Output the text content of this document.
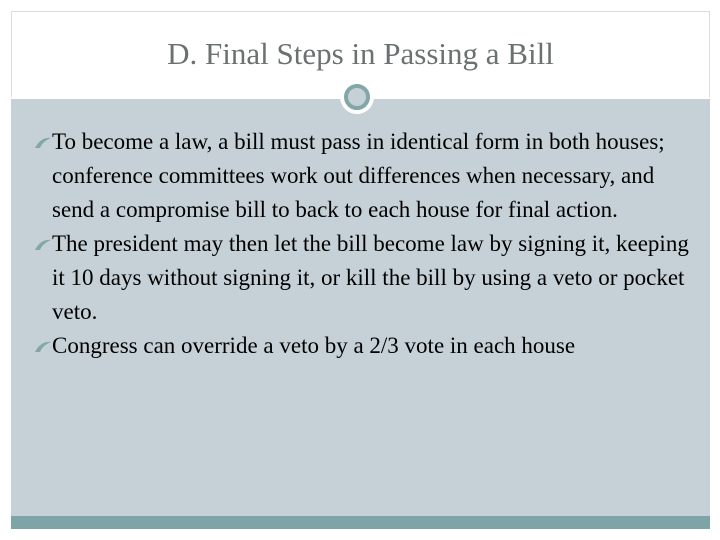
D. Final Steps in Passing a Bill
To become a law, a bill must pass in identical form in both houses; conference committees work out differences when necessary, and send a compromise bill to back to each house for final action.
The president may then let the bill become law by signing it, keeping it 10 days without signing it, or kill the bill by using a veto or pocket veto.
Congress can override a veto by a 2/3 vote in each house
